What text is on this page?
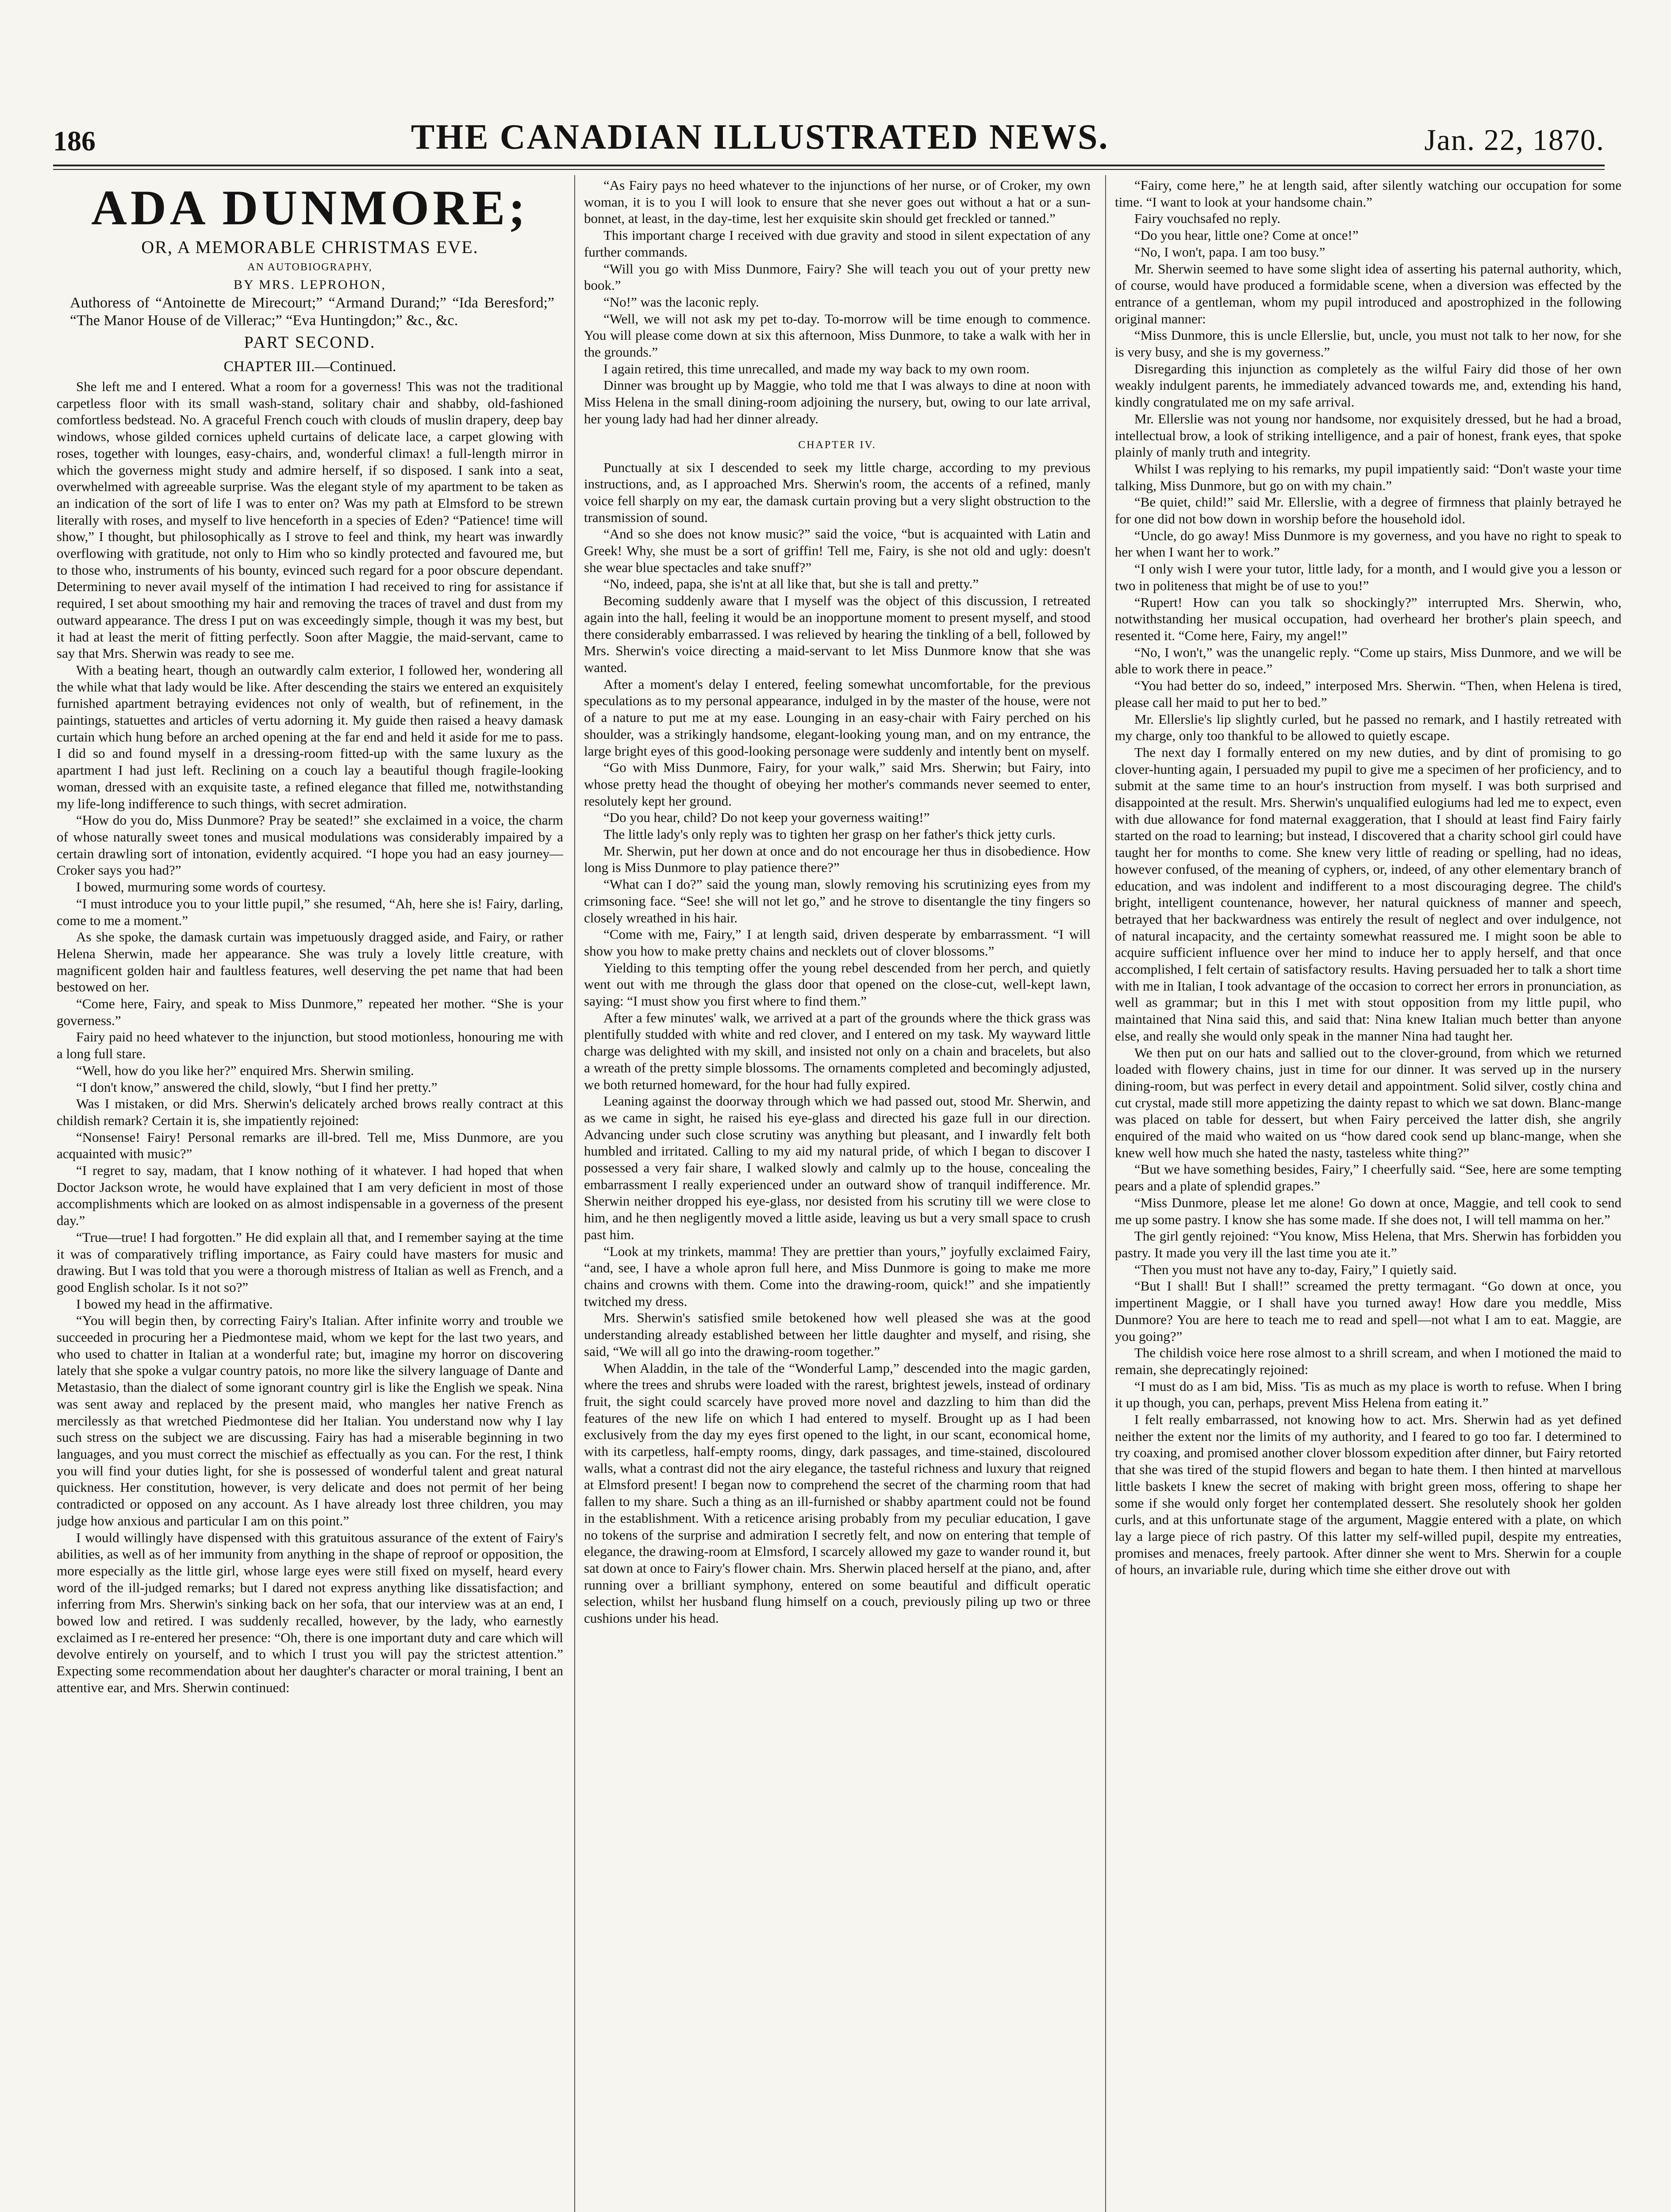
186	THE CANADIAN ILLUSTRATED NEWS.	Jan. 22, 1870.
ADA DUNMORE;
OR, A MEMORABLE CHRISTMAS EVE.
AN AUTOBIOGRAPHY,
BY MRS. LEPROHON,
Authoress of “Antoinette de Mirecourt;” “Armand Durand;” “Ida Beresford;” “The Manor House of de Villerac;” “Eva Huntingdon;” &c., &c.
PART SECOND.
CHAPTER III.—Continued.

She left me and I entered. What a room for a governess! This was not the traditional carpetless floor with its small wash-stand, solitary chair and shabby, old-fashioned comfortless bedstead. No. A graceful French couch with clouds of muslin drapery, deep bay windows, whose gilded cornices upheld curtains of delicate lace, a carpet glowing with roses, together with lounges, easy-chairs, and, wonderful climax! a full-length mirror in which the governess might study and admire herself, if so disposed. I sank into a seat, overwhelmed with agreeable surprise. Was the elegant style of my apartment to be taken as an indication of the sort of life I was to enter on? Was my path at Elmsford to be strewn literally with roses, and myself to live henceforth in a species of Eden? “Patience! time will show,” I thought, but philosophically as I strove to feel and think, my heart was inwardly overflowing with gratitude, not only to Him who so kindly protected and favoured me, but to those who, instruments of his bounty, evinced such regard for a poor obscure dependant. Determining to never avail myself of the intimation I had received to ring for assistance if required, I set about smoothing my hair and removing the traces of travel and dust from my outward appearance. The dress I put on was exceedingly simple, though it was my best, but it had at least the merit of fitting perfectly. Soon after Maggie, the maid-servant, came to say that Mrs. Sherwin was ready to see me.

With a beating heart, though an outwardly calm exterior, I followed her, wondering all the while what that lady would be like. After descending the stairs we entered an exquisitely furnished apartment betraying evidences not only of wealth, but of refinement, in the paintings, statuettes and articles of vertu adorning it. My guide then raised a heavy damask curtain which hung before an arched opening at the far end and held it aside for me to pass. I did so and found myself in a dressing-room fitted-up with the same luxury as the apartment I had just left. Reclining on a couch lay a beautiful though fragile-looking woman, dressed with an exquisite taste, a refined elegance that filled me, notwithstanding my life-long indifference to such things, with secret admiration.

“How do you do, Miss Dunmore? Pray be seated!” she exclaimed in a voice, the charm of whose naturally sweet tones and musical modulations was considerably impaired by a certain drawling sort of intonation, evidently acquired. “I hope you had an easy journey—Croker says you had?”

I bowed, murmuring some words of courtesy.

“I must introduce you to your little pupil,” she resumed, “Ah, here she is! Fairy, darling, come to me a moment.”

As she spoke, the damask curtain was impetuously dragged aside, and Fairy, or rather Helena Sherwin, made her appearance. She was truly a lovely little creature, with magnificent golden hair and faultless features, well deserving the pet name that had been bestowed on her.

“Come here, Fairy, and speak to Miss Dunmore,” repeated her mother. “She is your governess.”

Fairy paid no heed whatever to the injunction, but stood motionless, honouring me with a long full stare.

“Well, how do you like her?” enquired Mrs. Sherwin smiling.

“I don't know,” answered the child, slowly, “but I find her pretty.”

Was I mistaken, or did Mrs. Sherwin's delicately arched brows really contract at this childish remark? Certain it is, she impatiently rejoined:

“Nonsense! Fairy! Personal remarks are ill-bred. Tell me, Miss Dunmore, are you acquainted with music?”

“I regret to say, madam, that I know nothing of it whatever. I had hoped that when Doctor Jackson wrote, he would have explained that I am very deficient in most of those accomplishments which are looked on as almost indispensable in a governess of the present day.”

“True—true! I had forgotten.” He did explain all that, and I remember saying at the time it was of comparatively trifling importance, as Fairy could have masters for music and drawing. But I was told that you were a thorough mistress of Italian as well as French, and a good English scholar. Is it not so?”

I bowed my head in the affirmative.

“You will begin then, by correcting Fairy's Italian. After infinite worry and trouble we succeeded in procuring her a Piedmontese maid, whom we kept for the last two years, and who used to chatter in Italian at a wonderful rate; but, imagine my horror on discovering lately that she spoke a vulgar country patois, no more like the silvery language of Dante and Metastasio, than the dialect of some ignorant country girl is like the English we speak. Nina was sent away and replaced by the present maid, who mangles her native French as mercilessly as that wretched Piedmontese did her Italian. You understand now why I lay such stress on the subject we are discussing. Fairy has had a miserable beginning in two languages, and you must correct the mischief as effectually as you can. For the rest, I think you will find your duties light, for she is possessed of wonderful talent and great natural quickness. Her constitution, however, is very delicate and does not permit of her being contradicted or opposed on any account. As I have already lost three children, you may judge how anxious and particular I am on this point.”

I would willingly have dispensed with this gratuitous assurance of the extent of Fairy's abilities, as well as of her immunity from anything in the shape of reproof or opposition, the more especially as the little girl, whose large eyes were still fixed on myself, heard every word of the ill-judged remarks; but I dared not express anything like dissatisfaction; and inferring from Mrs. Sherwin's sinking back on her sofa, that our interview was at an end, I bowed low and retired. I was suddenly recalled, however, by the lady, who earnestly exclaimed as I re-entered her presence: “Oh, there is one important duty and care which will devolve entirely on yourself, and to which I trust you will pay the strictest attention.” Expecting some recommendation about her daughter's character or moral training, I bent an attentive ear, and Mrs. Sherwin continued:

“As Fairy pays no heed whatever to the injunctions of her nurse, or of Croker, my own woman, it is to you I will look to ensure that she never goes out without a hat or a sun-bonnet, at least, in the day-time, lest her exquisite skin should get freckled or tanned.”

This important charge I received with due gravity and stood in silent expectation of any further commands.

“Will you go with Miss Dunmore, Fairy? She will teach you out of your pretty new book.”

“No!” was the laconic reply.

“Well, we will not ask my pet to-day. To-morrow will be time enough to commence. You will please come down at six this afternoon, Miss Dunmore, to take a walk with her in the grounds.”

I again retired, this time unrecalled, and made my way back to my own room.

Dinner was brought up by Maggie, who told me that I was always to dine at noon with Miss Helena in the small dining-room adjoining the nursery, but, owing to our late arrival, her young lady had had her dinner already.

CHAPTER IV.

Punctually at six I descended to seek my little charge, according to my previous instructions, and, as I approached Mrs. Sherwin's room, the accents of a refined, manly voice fell sharply on my ear, the damask curtain proving but a very slight obstruction to the transmission of sound.

“And so she does not know music?” said the voice, “but is acquainted with Latin and Greek! Why, she must be a sort of griffin! Tell me, Fairy, is she not old and ugly: doesn't she wear blue spectacles and take snuff?”

“No, indeed, papa, she is'nt at all like that, but she is tall and pretty.”

Becoming suddenly aware that I myself was the object of this discussion, I retreated again into the hall, feeling it would be an inopportune moment to present myself, and stood there considerably embarrassed. I was relieved by hearing the tinkling of a bell, followed by Mrs. Sherwin's voice directing a maid-servant to let Miss Dunmore know that she was wanted.

After a moment's delay I entered, feeling somewhat uncomfortable, for the previous speculations as to my personal appearance, indulged in by the master of the house, were not of a nature to put me at my ease. Lounging in an easy-chair with Fairy perched on his shoulder, was a strikingly handsome, elegant-looking young man, and on my entrance, the large bright eyes of this good-looking personage were suddenly and intently bent on myself.

“Go with Miss Dunmore, Fairy, for your walk,” said Mrs. Sherwin; but Fairy, into whose pretty head the thought of obeying her mother's commands never seemed to enter, resolutely kept her ground.

“Do you hear, child? Do not keep your governess waiting!”

The little lady's only reply was to tighten her grasp on her father's thick jetty curls.

Mr. Sherwin, put her down at once and do not encourage her thus in disobedience. How long is Miss Dunmore to play patience there?”

“What can I do?” said the young man, slowly removing his scrutinizing eyes from my crimsoning face. “See! she will not let go,” and he strove to disentangle the tiny fingers so closely wreathed in his hair.

“Come with me, Fairy,” I at length said, driven desperate by embarrassment. “I will show you how to make pretty chains and necklets out of clover blossoms.”

Yielding to this tempting offer the young rebel descended from her perch, and quietly went out with me through the glass door that opened on the close-cut, well-kept lawn, saying: “I must show you first where to find them.”

After a few minutes' walk, we arrived at a part of the grounds where the thick grass was plentifully studded with white and red clover, and I entered on my task. My wayward little charge was delighted with my skill, and insisted not only on a chain and bracelets, but also a wreath of the pretty simple blossoms. The ornaments completed and becomingly adjusted, we both returned homeward, for the hour had fully expired.

Leaning against the doorway through which we had passed out, stood Mr. Sherwin, and as we came in sight, he raised his eye-glass and directed his gaze full in our direction. Advancing under such close scrutiny was anything but pleasant, and I inwardly felt both humbled and irritated. Calling to my aid my natural pride, of which I began to discover I possessed a very fair share, I walked slowly and calmly up to the house, concealing the embarrassment I really experienced under an outward show of tranquil indifference. Mr. Sherwin neither dropped his eye-glass, nor desisted from his scrutiny till we were close to him, and he then negligently moved a little aside, leaving us but a very small space to crush past him.

“Look at my trinkets, mamma! They are prettier than yours,” joyfully exclaimed Fairy, “and, see, I have a whole apron full here, and Miss Dunmore is going to make me more chains and crowns with them. Come into the drawing-room, quick!” and she impatiently twitched my dress.

Mrs. Sherwin's satisfied smile betokened how well pleased she was at the good understanding already established between her little daughter and myself, and rising, she said, “We will all go into the drawing-room together.”

When Aladdin, in the tale of the “Wonderful Lamp,” descended into the magic garden, where the trees and shrubs were loaded with the rarest, brightest jewels, instead of ordinary fruit, the sight could scarcely have proved more novel and dazzling to him than did the features of the new life on which I had entered to myself. Brought up as I had been exclusively from the day my eyes first opened to the light, in our scant, economical home, with its carpetless, half-empty rooms, dingy, dark passages, and time-stained, discoloured walls, what a contrast did not the airy elegance, the tasteful richness and luxury that reigned at Elmsford present! I began now to comprehend the secret of the charming room that had fallen to my share. Such a thing as an ill-furnished or shabby apartment could not be found in the establishment. With a reticence arising probably from my peculiar education, I gave no tokens of the surprise and admiration I secretly felt, and now on entering that temple of elegance, the drawing-room at Elmsford, I scarcely allowed my gaze to wander round it, but sat down at once to Fairy's flower chain. Mrs. Sherwin placed herself at the piano, and, after running over a brilliant symphony, entered on some beautiful and difficult operatic selection, whilst her husband flung himself on a couch, previously piling up two or three cushions under his head.

“Fairy, come here,” he at length said, after silently watching our occupation for some time. “I want to look at your handsome chain.”

Fairy vouchsafed no reply.

“Do you hear, little one? Come at once!”

“No, I won't, papa. I am too busy.”

Mr. Sherwin seemed to have some slight idea of asserting his paternal authority, which, of course, would have produced a formidable scene, when a diversion was effected by the entrance of a gentleman, whom my pupil introduced and apostrophized in the following original manner:

“Miss Dunmore, this is uncle Ellerslie, but, uncle, you must not talk to her now, for she is very busy, and she is my governess.”

Disregarding this injunction as completely as the wilful Fairy did those of her own weakly indulgent parents, he immediately advanced towards me, and, extending his hand, kindly congratulated me on my safe arrival.

Mr. Ellerslie was not young nor handsome, nor exquisitely dressed, but he had a broad, intellectual brow, a look of striking intelligence, and a pair of honest, frank eyes, that spoke plainly of manly truth and integrity.

Whilst I was replying to his remarks, my pupil impatiently said: “Don't waste your time talking, Miss Dunmore, but go on with my chain.”

“Be quiet, child!” said Mr. Ellerslie, with a degree of firmness that plainly betrayed he for one did not bow down in worship before the household idol.

“Uncle, do go away! Miss Dunmore is my governess, and you have no right to speak to her when I want her to work.”

“I only wish I were your tutor, little lady, for a month, and I would give you a lesson or two in politeness that might be of use to you!”

“Rupert! How can you talk so shockingly?” interrupted Mrs. Sherwin, who, notwithstanding her musical occupation, had overheard her brother's plain speech, and resented it. “Come here, Fairy, my angel!”

“No, I won't,” was the unangelic reply. “Come up stairs, Miss Dunmore, and we will be able to work there in peace.”

“You had better do so, indeed,” interposed Mrs. Sherwin. “Then, when Helena is tired, please call her maid to put her to bed.”

Mr. Ellerslie's lip slightly curled, but he passed no remark, and I hastily retreated with my charge, only too thankful to be allowed to quietly escape.

The next day I formally entered on my new duties, and by dint of promising to go clover-hunting again, I persuaded my pupil to give me a specimen of her proficiency, and to submit at the same time to an hour's instruction from myself. I was both surprised and disappointed at the result. Mrs. Sherwin's unqualified eulogiums had led me to expect, even with due allowance for fond maternal exaggeration, that I should at least find Fairy fairly started on the road to learning; but instead, I discovered that a charity school girl could have taught her for months to come. She knew very little of reading or spelling, had no ideas, however confused, of the meaning of cyphers, or, indeed, of any other elementary branch of education, and was indolent and indifferent to a most discouraging degree. The child's bright, intelligent countenance, however, her natural quickness of manner and speech, betrayed that her backwardness was entirely the result of neglect and over indulgence, not of natural incapacity, and the certainty somewhat reassured me. I might soon be able to acquire sufficient influence over her mind to induce her to apply herself, and that once accomplished, I felt certain of satisfactory results. Having persuaded her to talk a short time with me in Italian, I took advantage of the occasion to correct her errors in pronunciation, as well as grammar; but in this I met with stout opposition from my little pupil, who maintained that Nina said this, and said that: Nina knew Italian much better than anyone else, and really she would only speak in the manner Nina had taught her.

We then put on our hats and sallied out to the clover-ground, from which we returned loaded with flowery chains, just in time for our dinner. It was served up in the nursery dining-room, but was perfect in every detail and appointment. Solid silver, costly china and cut crystal, made still more appetizing the dainty repast to which we sat down. Blanc-mange was placed on table for dessert, but when Fairy perceived the latter dish, she angrily enquired of the maid who waited on us “how dared cook send up blanc-mange, when she knew well how much she hated the nasty, tasteless white thing?”

“But we have something besides, Fairy,” I cheerfully said. “See, here are some tempting pears and a plate of splendid grapes.”

“Miss Dunmore, please let me alone! Go down at once, Maggie, and tell cook to send me up some pastry. I know she has some made. If she does not, I will tell mamma on her.”

The girl gently rejoined: “You know, Miss Helena, that Mrs. Sherwin has forbidden you pastry. It made you very ill the last time you ate it.”

“Then you must not have any to-day, Fairy,” I quietly said.

“But I shall! But I shall!” screamed the pretty termagant. “Go down at once, you impertinent Maggie, or I shall have you turned away! How dare you meddle, Miss Dunmore? You are here to teach me to read and spell—not what I am to eat. Maggie, are you going?”

The childish voice here rose almost to a shrill scream, and when I motioned the maid to remain, she deprecatingly rejoined:

“I must do as I am bid, Miss. 'Tis as much as my place is worth to refuse. When I bring it up though, you can, perhaps, prevent Miss Helena from eating it.”

I felt really embarrassed, not knowing how to act. Mrs. Sherwin had as yet defined neither the extent nor the limits of my authority, and I feared to go too far. I determined to try coaxing, and promised another clover blossom expedition after dinner, but Fairy retorted that she was tired of the stupid flowers and began to hate them. I then hinted at marvellous little baskets I knew the secret of making with bright green moss, offering to shape her some if she would only forget her contemplated dessert. She resolutely shook her golden curls, and at this unfortunate stage of the argument, Maggie entered with a plate, on which lay a large piece of rich pastry. Of this latter my self-willed pupil, despite my entreaties, promises and menaces, freely partook. After dinner she went to Mrs. Sherwin for a couple of hours, an invariable rule, during which time she either drove out with
